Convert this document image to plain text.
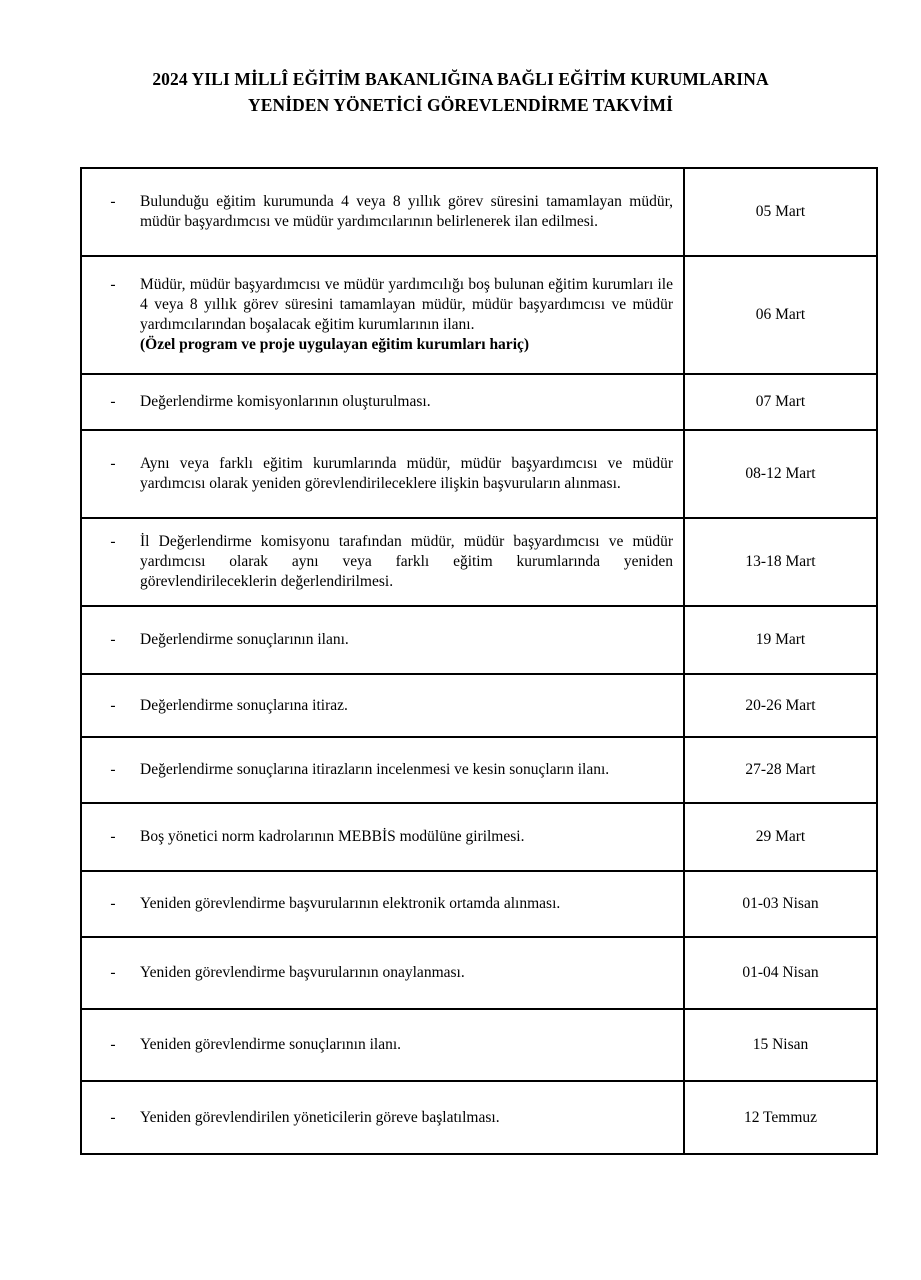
2024 YILI MİLLÎ EĞİTİM BAKANLIĞINA BAĞLI EĞİTİM KURUMLARINA
YENİDEN YÖNETİCİ GÖREVLENDİRME TAKVİMİ
- Bulunduğu eğitim kurumunda 4 veya 8 yıllık görev süresini tamamlayan müdür, müdür başyardımcısı ve müdür yardımcılarının belirlenerek ilan edilmesi.	05 Mart

- Müdür, müdür başyardımcısı ve müdür yardımcılığı boş bulunan eğitim kurumları ile 4 veya 8 yıllık görev süresini tamamlayan müdür, müdür başyardımcısı ve müdür yardımcılarından boşalacak eğitim kurumlarının ilanı.
(Özel program ve proje uygulayan eğitim kurumları hariç)	06 Mart

- Değerlendirme komisyonlarının oluşturulması.	07 Mart

- Aynı veya farklı eğitim kurumlarında müdür, müdür başyardımcısı ve müdür yardımcısı olarak yeniden görevlendirileceklere ilişkin başvuruların alınması.	08-12 Mart

- İl Değerlendirme komisyonu tarafından müdür, müdür başyardımcısı ve müdür yardımcısı olarak aynı veya farklı eğitim kurumlarında yeniden görevlendirileceklerin değerlendirilmesi.	13-18 Mart

- Değerlendirme sonuçlarının ilanı.	19 Mart

- Değerlendirme sonuçlarına itiraz.	20-26 Mart

- Değerlendirme sonuçlarına itirazların incelenmesi ve kesin sonuçların ilanı.	27-28 Mart

- Boş yönetici norm kadrolarının MEBBİS modülüne girilmesi.	29 Mart

- Yeniden görevlendirme başvurularının elektronik ortamda alınması.	01-03 Nisan

- Yeniden görevlendirme başvurularının onaylanması.	01-04 Nisan

- Yeniden görevlendirme sonuçlarının ilanı.	15 Nisan

- Yeniden görevlendirilen yöneticilerin göreve başlatılması.	12 Temmuz
